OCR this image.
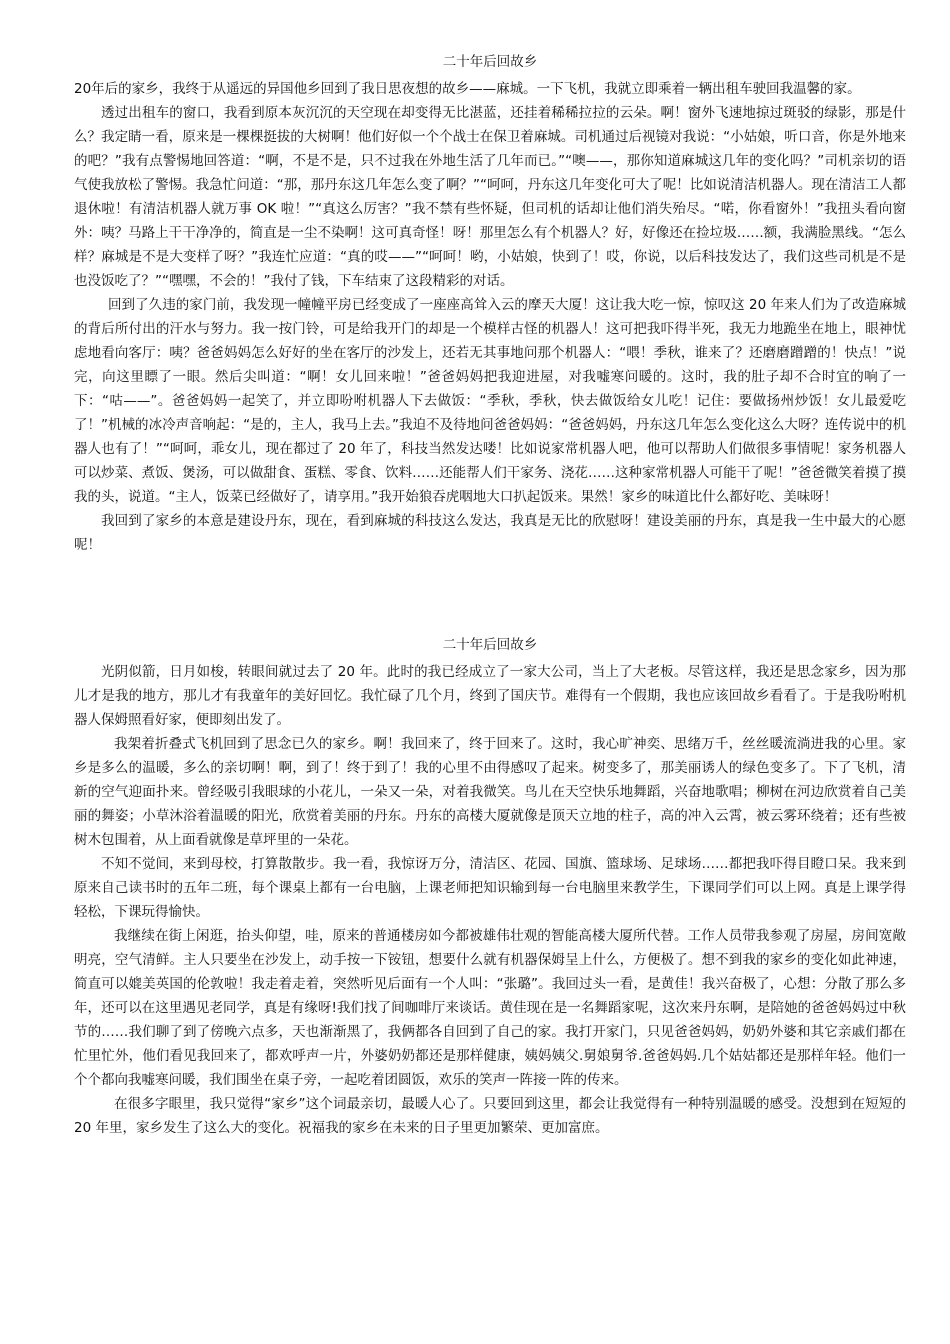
二十年后回故乡

20年后的家乡，我终于从遥远的异国他乡回到了我日思夜想的故乡——麻城。一下飞机，我就立即乘着一辆出租车驶回我温馨的家。

透过出租车的窗口，我看到原本灰沉沉的天空现在却变得无比湛蓝，还挂着稀稀拉拉的云朵。啊！窗外飞速地掠过斑驳的绿影，那是什么？我定睛一看，原来是一棵棵挺拔的大树啊！他们好似一个个战士在保卫着麻城。司机通过后视镜对我说：“小姑娘，听口音，你是外地来的吧？”我有点警惕地回答道：“啊，不是不是，只不过我在外地生活了几年而已。”“噢——，那你知道麻城这几年的变化吗？”司机亲切的语气使我放松了警惕。我急忙问道：“那，那丹东这几年怎么变了啊？”“呵呵，丹东这几年变化可大了呢！比如说清洁机器人。现在清洁工人都退休啦！有清洁机器人就万事 OK 啦！”“真这么厉害？”我不禁有些怀疑，但司机的话却让他们消失殆尽。“喏，你看窗外！”我扭头看向窗外：咦？马路上干干净净的，简直是一尘不染啊！这可真奇怪！呀！那里怎么有个机器人？好，好像还在捡垃圾……额，我满脸黑线。“怎么样？麻城是不是大变样了呀？”我连忙应道：“真的哎——”“呵呵！哟，小姑娘，快到了！哎，你说，以后科技发达了，我们这些司机是不是也没饭吃了？”“嘿嘿，不会的！”我付了钱，下车结束了这段精彩的对话。

回到了久违的家门前，我发现一幢幢平房已经变成了一座座高耸入云的摩天大厦！这让我大吃一惊，惊叹这 20 年来人们为了改造麻城的背后所付出的汗水与努力。我一按门铃，可是给我开门的却是一个模样古怪的机器人！这可把我吓得半死，我无力地跪坐在地上，眼神忧虑地看向客厅：咦？爸爸妈妈怎么好好的坐在客厅的沙发上，还若无其事地问那个机器人：“喂！季秋，谁来了？还磨磨蹭蹭的！快点！”说完，向这里瞟了一眼。然后尖叫道：“啊！女儿回来啦！”爸爸妈妈把我迎进屋，对我嘘寒问暖的。这时，我的肚子却不合时宜的响了一下：“咕——”。爸爸妈妈一起笑了，并立即吩咐机器人下去做饭：“季秋，季秋，快去做饭给女儿吃！记住：要做扬州炒饭！女儿最爱吃了！”机械的冰冷声音响起：“是的，主人，我马上去。”我迫不及待地问爸爸妈妈：“爸爸妈妈，丹东这几年怎么变化这么大呀？连传说中的机器人也有了！”“呵呵，乖女儿，现在都过了 20 年了，科技当然发达喽！比如说家常机器人吧，他可以帮助人们做很多事情呢！家务机器人可以炒菜、煮饭、煲汤，可以做甜食、蛋糕、零食、饮料……还能帮人们干家务、浇花……这种家常机器人可能干了呢！”爸爸微笑着摸了摸我的头，说道。“主人，饭菜已经做好了，请享用。”我开始狼吞虎咽地大口扒起饭来。果然！家乡的味道比什么都好吃、美味呀！

我回到了家乡的本意是建设丹东，现在，看到麻城的科技这么发达，我真是无比的欣慰呀！建设美丽的丹东，真是我一生中最大的心愿呢！

二十年后回故乡

光阴似箭，日月如梭，转眼间就过去了 20 年。此时的我已经成立了一家大公司，当上了大老板。尽管这样，我还是思念家乡，因为那儿才是我的地方，那儿才有我童年的美好回忆。我忙碌了几个月，终到了国庆节。难得有一个假期，我也应该回故乡看看了。于是我吩咐机器人保姆照看好家，便即刻出发了。

我架着折叠式飞机回到了思念已久的家乡。啊！我回来了，终于回来了。这时，我心旷神奕、思绪万千，丝丝暖流淌进我的心里。家乡是多么的温暖，多么的亲切啊！啊，到了！终于到了！我的心里不由得感叹了起来。树变多了，那美丽诱人的绿色变多了。下了飞机，清新的空气迎面扑来。曾经吸引我眼球的小花儿，一朵又一朵，对着我微笑。鸟儿在天空快乐地舞蹈，兴奋地歌唱；柳树在河边欣赏着自己美丽的舞姿；小草沐浴着温暖的阳光，欣赏着美丽的丹东。丹东的高楼大厦就像是顶天立地的柱子，高的冲入云霄，被云雾环绕着；还有些被树木包围着，从上面看就像是草坪里的一朵花。

不知不觉间，来到母校，打算散散步。我一看，我惊讶万分，清洁区、花园、国旗、篮球场、足球场……都把我吓得目瞪口呆。我来到原来自己读书时的五年二班，每个课桌上都有一台电脑，上课老师把知识输到每一台电脑里来教学生，下课同学们可以上网。真是上课学得轻松，下课玩得愉快。

我继续在街上闲逛，抬头仰望，哇，原来的普通楼房如今都被雄伟壮观的智能高楼大厦所代替。工作人员带我参观了房屋，房间宽敞明亮，空气清鲜。主人只要坐在沙发上，动手按一下铵钮，想要什么就有机器保姆呈上什么，方便极了。想不到我的家乡的变化如此神速，简直可以媲美英国的伦敦啦！我走着走着，突然听见后面有一个人叫：“张璐”。我回过头一看，是黄佳！我兴奋极了，心想：分散了那么多年，还可以在这里遇见老同学，真是有缘呀!我们找了间咖啡厅来谈话。黄佳现在是一名舞蹈家呢，这次来丹东啊，是陪她的爸爸妈妈过中秋节的……我们聊了到了傍晚六点多，天也渐渐黑了，我俩都各自回到了自己的家。我打开家门，只见爸爸妈妈，奶奶外婆和其它亲戚们都在忙里忙外，他们看见我回来了，都欢呼声一片，外婆奶奶都还是那样健康，姨妈姨父.舅娘舅爷.爸爸妈妈.几个姑姑都还是那样年轻。他们一个个都向我嘘寒问暖，我们围坐在桌子旁，一起吃着团圆饭，欢乐的笑声一阵接一阵的传来。

在很多字眼里，我只觉得“家乡”这个词最亲切，最暖人心了。只要回到这里，都会让我觉得有一种特别温暖的感受。没想到在短短的 20 年里，家乡发生了这么大的变化。祝福我的家乡在未来的日子里更加繁荣、更加富庶。
